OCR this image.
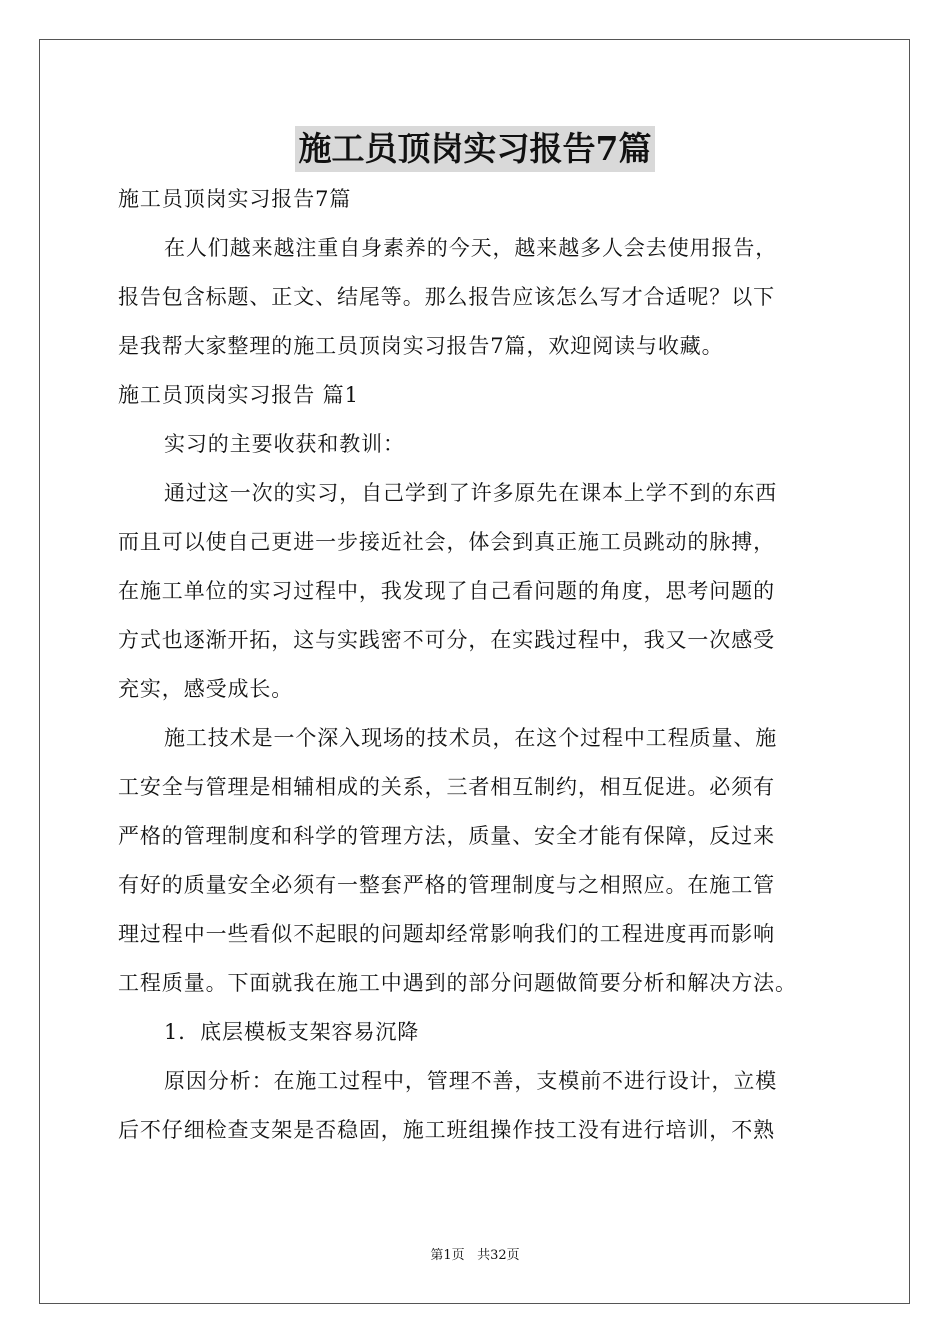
施工员顶岗实习报告7篇
施工员顶岗实习报告7篇
在人们越来越注重自身素养的今天，越来越多人会去使用报告，
报告包含标题、正文、结尾等。那么报告应该怎么写才合适呢？以下
是我帮大家整理的施工员顶岗实习报告7篇，欢迎阅读与收藏。
施工员顶岗实习报告 篇1
实习的主要收获和教训：
通过这一次的实习，自己学到了许多原先在课本上学不到的东西
而且可以使自己更进一步接近社会，体会到真正施工员跳动的脉搏，
在施工单位的实习过程中，我发现了自己看问题的角度，思考问题的
方式也逐渐开拓，这与实践密不可分，在实践过程中，我又一次感受
充实，感受成长。
施工技术是一个深入现场的技术员，在这个过程中工程质量、施
工安全与管理是相辅相成的关系，三者相互制约，相互促进。必须有
严格的管理制度和科学的管理方法，质量、安全才能有保障，反过来
有好的质量安全必须有一整套严格的管理制度与之相照应。在施工管
理过程中一些看似不起眼的问题却经常影响我们的工程进度再而影响
工程质量。下面就我在施工中遇到的部分问题做简要分析和解决方法。
1．底层模板支架容易沉降
原因分析：在施工过程中，管理不善，支模前不进行设计，立模
后不仔细检查支架是否稳固，施工班组操作技工没有进行培训，不熟
第1页 共32页
